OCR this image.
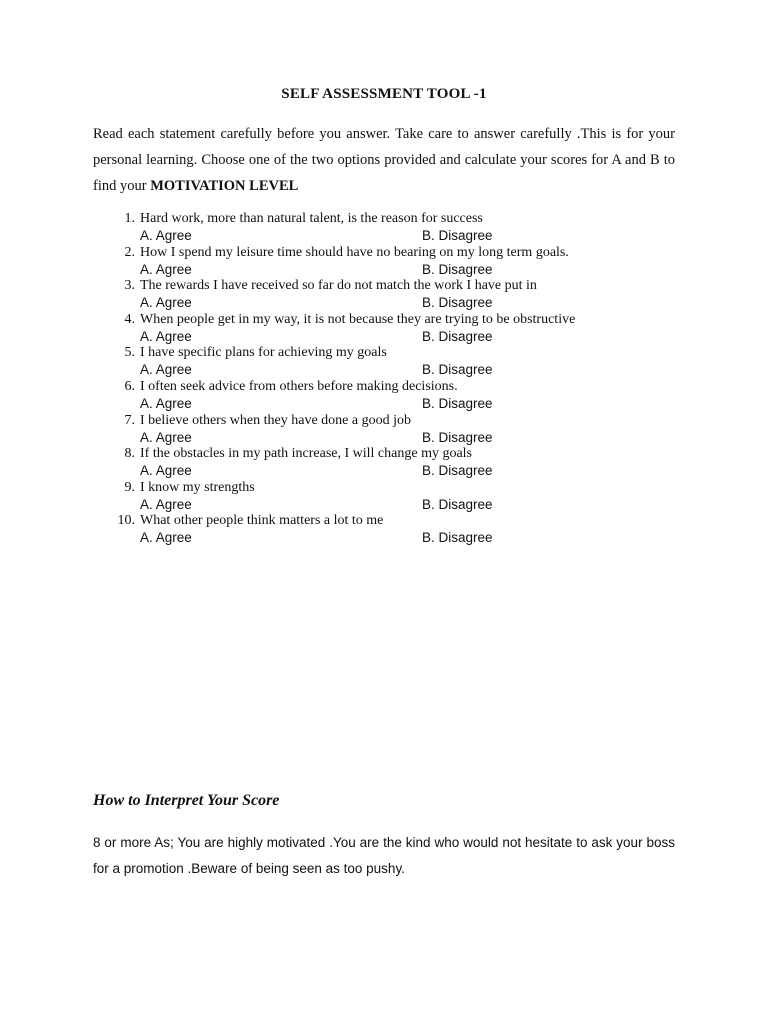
SELF ASSESSMENT TOOL -1
Read each statement carefully before you answer. Take care to answer carefully .This is for your personal learning. Choose one of the two options provided and calculate your scores for A and B to find your MOTIVATION LEVEL
1. Hard work, more than natural talent, is the reason for success
A. Agree	B. Disagree
2. How I spend my leisure time should have no bearing on my long term goals.
A. Agree	B. Disagree
3. The rewards I have received so far do not match the work I have put in
A. Agree	B. Disagree
4. When people get in my way, it is not because they are trying to be obstructive
A. Agree	B. Disagree
5. I have specific plans for achieving my goals
A. Agree	B. Disagree
6. I often seek advice from others before making decisions.
A. Agree	B. Disagree
7. I believe others when they have done a good job
A. Agree	B. Disagree
8. If the obstacles in my path increase, I will change my goals
A. Agree	B. Disagree
9. I know my strengths
A. Agree	B. Disagree
10. What other people think matters a lot to me
A. Agree	B. Disagree
How to Interpret Your Score
8 or more As; You are highly motivated .You are the kind who would not hesitate to ask your boss for a promotion .Beware of being seen as too pushy.
